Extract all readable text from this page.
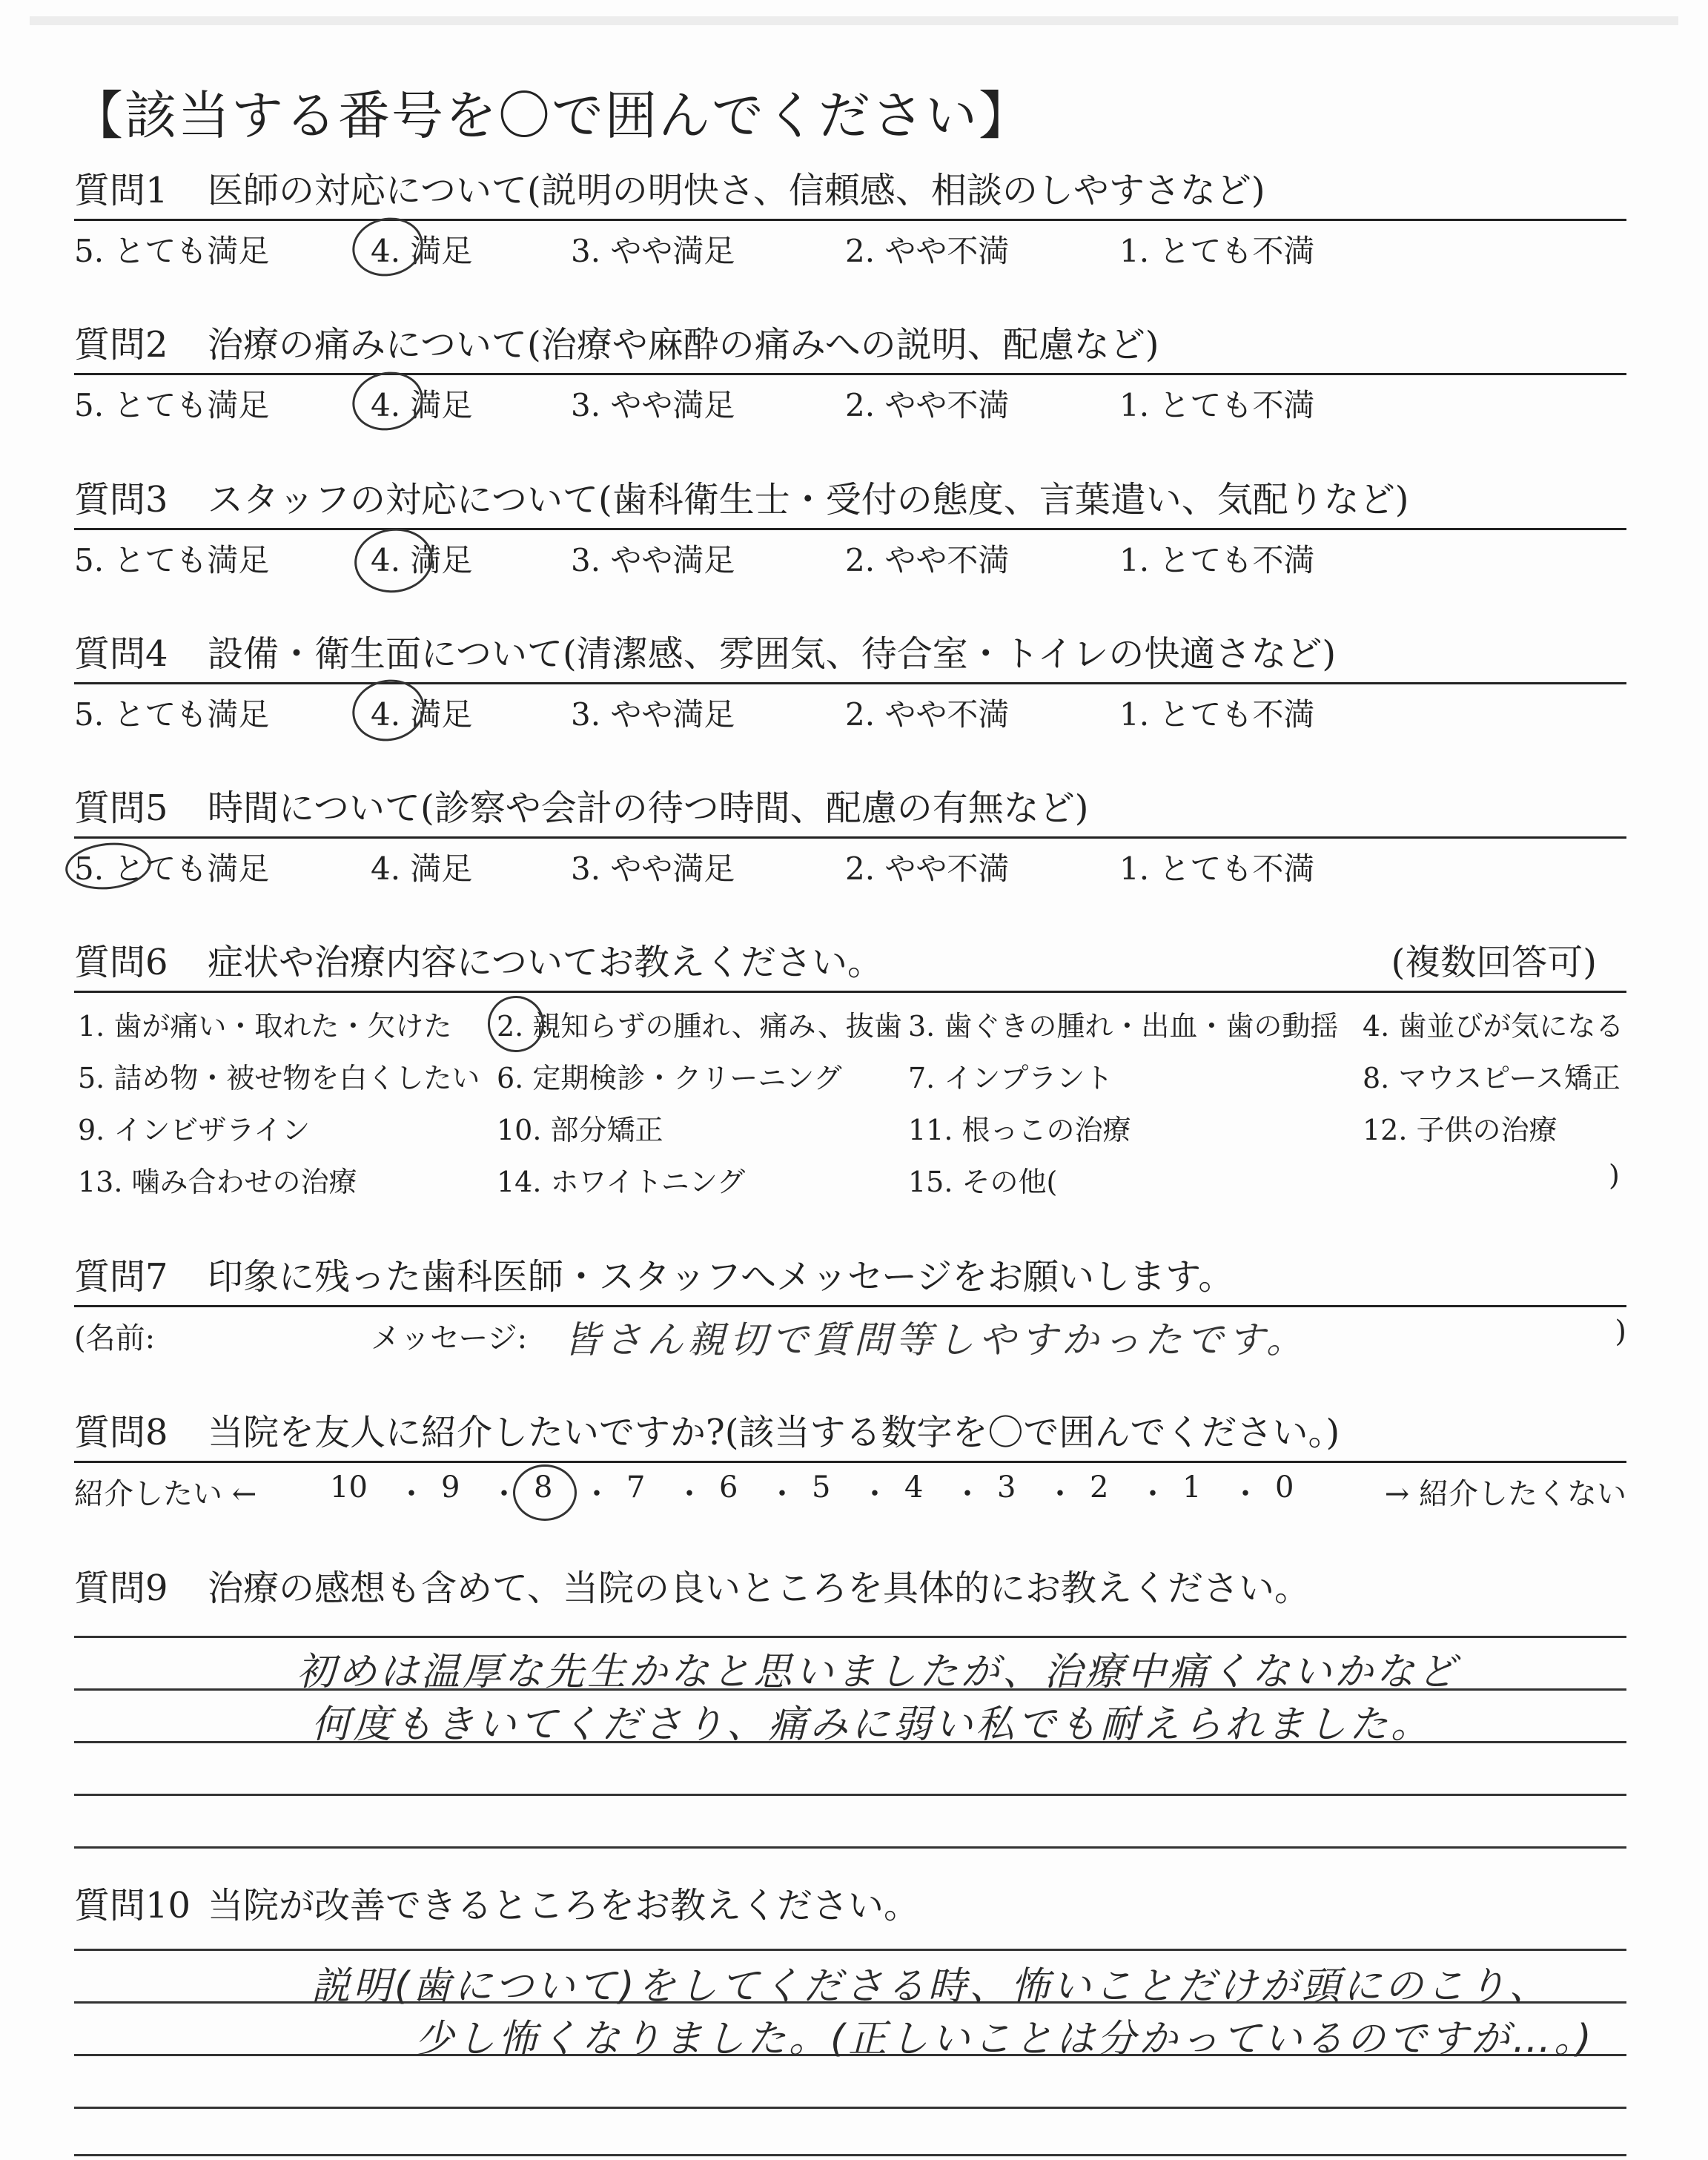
【該当する番号を〇で囲んでください】
質問1 医師の対応について(説明の明快さ、信頼感、相談のしやすさなど)
5. とても満足	4. 満足	3. やや満足	2. やや不満	1. とても不満
質問2 治療の痛みについて(治療や麻酔の痛みへの説明、配慮など)
5. とても満足	4. 満足	3. やや満足	2. やや不満	1. とても不満
質問3 スタッフの対応について(歯科衛生士・受付の態度、言葉遣い、気配りなど)
5. とても満足	4. 満足	3. やや満足	2. やや不満	1. とても不満
質問4 設備・衛生面について(清潔感、雰囲気、待合室・トイレの快適さなど)
5. とても満足	4. 満足	3. やや満足	2. やや不満	1. とても不満
質問5 時間について(診察や会計の待つ時間、配慮の有無など)
5. とても満足	4. 満足	3. やや満足	2. やや不満	1. とても不満
質問6 症状や治療内容についてお教えください。	(複数回答可)
1. 歯が痛い・取れた・欠けた 2. 親知らずの腫れ、痛み、抜歯 3. 歯ぐきの腫れ・出血・歯の動揺 4. 歯並びが気になる
5. 詰め物・被せ物を白くしたい 6. 定期検診・クリーニング 7. インプラント	8. マウスピース矯正
9. インビザライン	10. 部分矯正	11. 根っこの治療	12. 子供の治療
13. 噛み合わせの治療	14. ホワイトニング	15. その他(	)
質問7 印象に残った歯科医師・スタッフへメッセージをお願いします。
(名前:	メッセージ: 皆さん親切で質問等しやすかったです。	)
質問8 当院を友人に紹介したいですか?(該当する数字を〇で囲んでください。)
紹介したい ← 10 ・ 9 ・ 8 ・ 7 ・ 6 ・ 5 ・ 4 ・ 3 ・ 2 ・ 1 ・ 0	→ 紹介したくない
質問9 治療の感想も含めて、当院の良いところを具体的にお教えください。
初めは温厚な先生かなと思いましたが、治療中痛くないかなど
何度もきいてくださり、痛みに弱い私でも耐えられました。
質問10 当院が改善できるところをお教えください。
説明(歯について)をしてくださる時、怖いことだけが頭にのこり、
少し怖くなりました。(正しいことは分かっているのですが…。)
